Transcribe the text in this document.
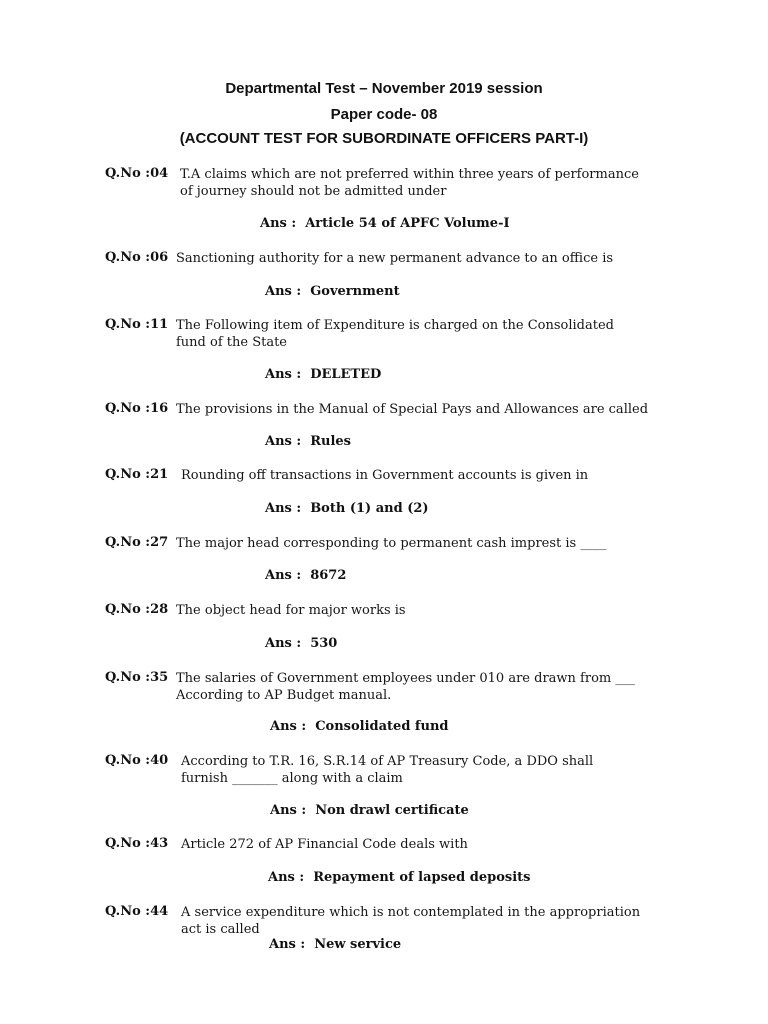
Departmental Test – November 2019 session
Paper code- 08
(ACCOUNT TEST FOR SUBORDINATE OFFICERS PART-I)
Q.No :04 T.A claims which are not preferred within three years of performance
of journey should not be admitted under
Ans : Article 54 of APFC Volume-I
Q.No :06 Sanctioning authority for a new permanent advance to an office is
Ans : Government
Q.No :11 The Following item of Expenditure is charged on the Consolidated
fund of the State
Ans : DELETED
Q.No :16 The provisions in the Manual of Special Pays and Allowances are called
Ans : Rules
Q.No :21 Rounding off transactions in Government accounts is given in
Ans : Both (1) and (2)
Q.No :27 The major head corresponding to permanent cash imprest is ____
Ans : 8672
Q.No :28 The object head for major works is
Ans : 530
Q.No :35 The salaries of Government employees under 010 are drawn from ___
According to AP Budget manual.
Ans : Consolidated fund
Q.No :40 According to T.R. 16, S.R.14 of AP Treasury Code, a DDO shall
furnish _______ along with a claim
Ans : Non drawl certificate
Q.No :43 Article 272 of AP Financial Code deals with
Ans : Repayment of lapsed deposits
Q.No :44 A service expenditure which is not contemplated in the appropriation
act is called
Ans : New service
